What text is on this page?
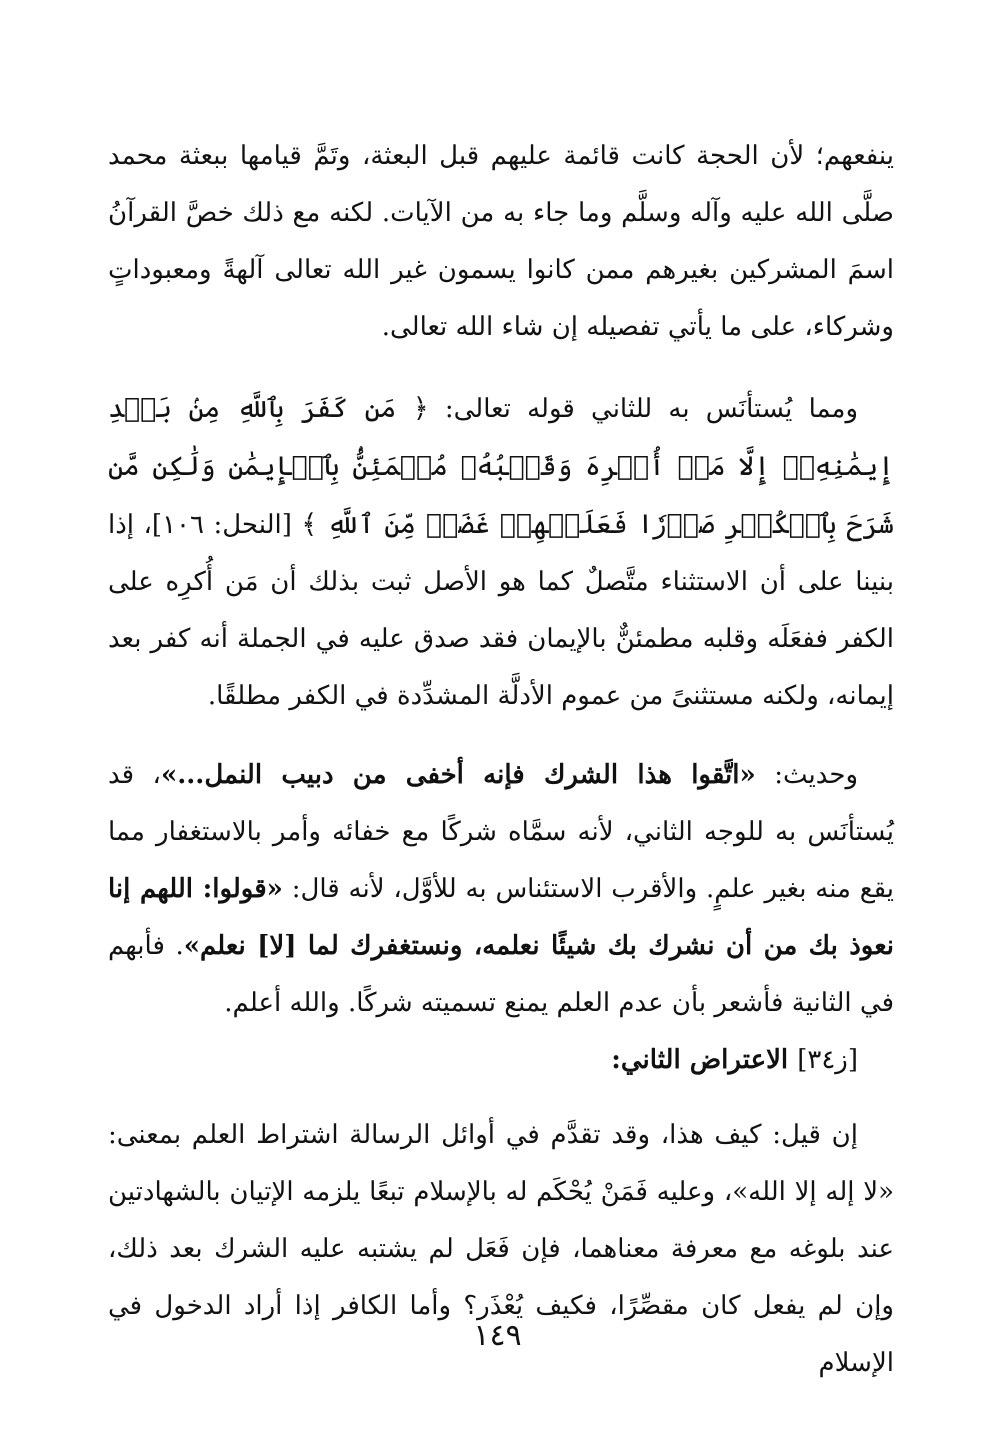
ينفعهم؛ لأن الحجة كانت قائمة عليهم قبل البعثة، وتَمَّ قيامها ببعثة محمد صلَّى الله عليه وآله وسلَّم وما جاء به من الآيات. لكنه مع ذلك خصَّ القرآنُ اسمَ المشركين بغيرهم ممن كانوا يسمون غير الله تعالى آلهةً ومعبوداتٍ وشركاء، على ما يأتي تفصيله إن شاء الله تعالى.

ومما يُستأنَس به للثاني قوله تعالى: ﴿ مَن كَفَرَ بِٱللَّهِ مِنۢ بَعۡدِ إِيمَٰنِهِۦٓ إِلَّا مَنۡ أُكۡرِهَ وَقَلۡبُهُۥ مُطۡمَئِنُّۢ بِٱلۡإِيمَٰنِ وَلَٰكِن مَّن شَرَحَ بِٱلۡكُفۡرِ صَدۡرٗا فَعَلَيۡهِمۡ غَضَبٞ مِّنَ ٱللَّهِ ﴾ [النحل: ١٠٦]، إذا بنينا على أن الاستثناء متَّصلٌ كما هو الأصل ثبت بذلك أن مَن أُكرِه على الكفر ففعَلَه وقلبه مطمئنٌّ بالإيمان فقد صدق عليه في الجملة أنه كفر بعد إيمانه، ولكنه مستثنىً من عموم الأدلَّة المشدِّدة في الكفر مطلقًا.

وحديث: «اتَّقوا هذا الشرك فإنه أخفى من دبيب النمل...»، قد يُستأنَس به للوجه الثاني، لأنه سمَّاه شركًا مع خفائه وأمر بالاستغفار مما يقع منه بغير علمٍ. والأقرب الاستئناس به للأوَّل، لأنه قال: «قولوا: اللهم إنا نعوذ بك من أن نشرك بك شيئًا نعلمه، ونستغفرك لما [لا] نعلم». فأبهم في الثانية فأشعر بأن عدم العلم يمنع تسميته شركًا. والله أعلم.

[ز٣٤] الاعتراض الثاني:

إن قيل: كيف هذا، وقد تقدَّم في أوائل الرسالة اشتراط العلم بمعنى: «لا إله إلا الله»، وعليه فَمَنْ يُحْكَم له بالإسلام تبعًا يلزمه الإتيان بالشهادتين عند بلوغه مع معرفة معناهما، فإن فَعَل لم يشتبه عليه الشرك بعد ذلك، وإن لم يفعل كان مقصِّرًا، فكيف يُعْذَر؟ وأما الكافر إذا أراد الدخول في الإسلام

١٤٩
